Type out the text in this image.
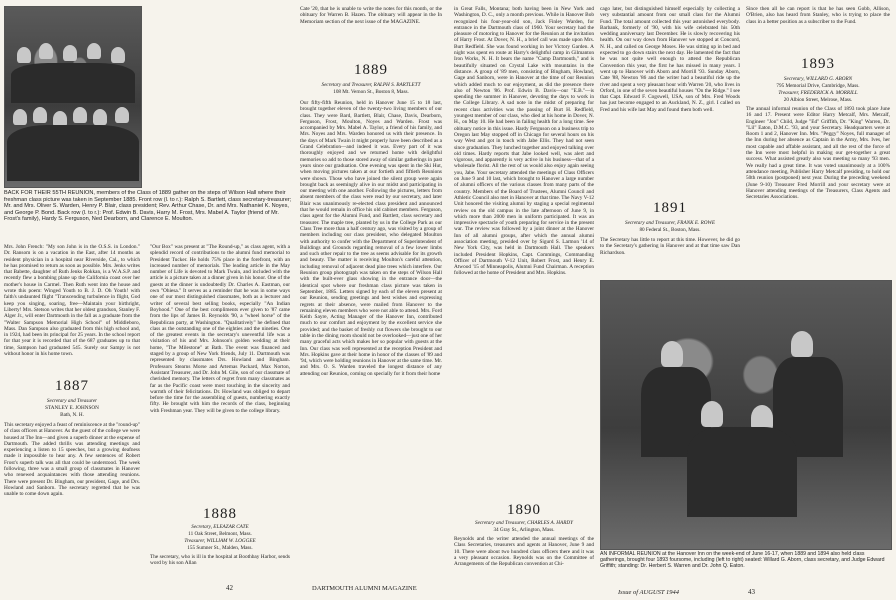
BACK FOR THEIR 55TH REUNION, members of the Class of 1889 gather on the steps of Wilson Hall where their freshman class picture was taken in September 1885. Front row (l. to r.): Ralph S. Bartlett, class secretary-treasurer; Mr. and Mrs. Oliver S. Warden, Henry P. Blair, class president; Rev. Arthur Chase, Dr. and Mrs. Nathaniel K. Noyes, and George P. Bond. Back row (l. to r.): Prof. Edwin B. Davis, Harry M. Frost, Mrs. Mabel A. Taylor (friend of Mr. Frost's family), Hardy S. Ferguson, Ned Dearborn, and Clarence E. Moulton.
Mrs. John French: "My son John is in the O.S.S. in London." Dr. Ransom is on a vacation in the East, after 14 months as resident physician in a hospital near Riverside, Cal., to which he has promised to return as soon as possible. Mrs. Jenks writes that Babette, daughter of Ruth Jenks Rokkan, is a W.A.S.P. and recently flew a bombing plane up the California coast over her mother's house in Carmel. Then Ruth went into the house and wrote this poem: Winged Youth to B. J. D. Oh Youth! with faith's undaunted flight "Transcending turbulence in flight, God keep you singing, soaring, free—Maintain your birthright, Liberty! Mrs. Stetson writes that her oldest grandson, Stanley F. Alger Jr., will enter Dartmouth in the fall as a graduate from the "Walter Sampson Memorial High School" of Middleboro, Mass. Dan Sampson also graduated from this high school and, in 1924, had been its principal for 25 years. In the school report for that year it is recorded that of the 687 graduates up to that time, Sampson had graduated 545. Surely our Sampy is not without honor in his home town.
1887
Secretary and Treasurer
STANLEY E. JOHNSON
Bath, N. H.
This secretary enjoyed a feast of reminiscence at the "round-up" of class officers at Hanover. As the guest of the college we were housed at The Inn—and given a superb dinner at the expense of Dartmouth. The added thrills was attending meetings and experiencing a listen to 15 speeches, but a growing deafness made it impossible to hear any. A few sentences of Robert Frost's superb talk was all that could be understood. The week following, three was a small group of classmates in Hanover who renewed acquaintances with those attending reunions. There were present Dr. Bingham, our president, Gage, and Drs. Howland and Sanborn. The secretary regretted that he was unable to come down again.
"Our Box" was present at "The Round-up," as class agent, with a splendid record of contributions to the alumni fund memorial to President Tucker. He holds 75% place in the forefront, with an increased number of memorials. The leading article in the May number of Life is devoted to Mark Twain, and included with the article is a picture taken at a dinner given in his honor. One of the guests at the dinner is undoubtedly Dr. Charles A. Eastman, our own "Ohiesa." It serves as a reminder that he was in some ways one of our most distinguished classmates, both as a lecturer and writer of several best selling books, especially "An Indian Boyhood." One of the best compliments ever given to '87 came from the lips of James B. Reynolds '90, a "wheel horse" of the Republican party, at Washington. "Qualitatively" he defined that class as the outstanding one of the eighties and the nineties. One of the greatest events in the secretary's uneventful life was a visitation of his and Mrs. Johnson's golden wedding at their home, "The Milestone" at Bath. The event was financed and staged by a group of New York friends, July 11. Dartmouth was represented by classmates Drs. Howland and Bingham. Professors Stearns Morse and Artemas Packard, Max Norton, Assistant Treasurer, and Dr. John M. Gile, son of our classmate of cherished memory. The letters of regret from many classmates as far as the Pacific coast were most touching in the sincerity and warmth of their felicitations. Dr. Howland was obliged to depart before the time for the assembling of guests, numbering exactly fifty. He brought with him the records of the class, beginning with Freshman year. They will be given to the college library.
1888
Secretary, ELEAZAR CATE
11 Oak Street, Belmont, Mass.
Treasurer, WILLIAM W. LOGGEE
155 Sumner St., Malden, Mass.
The secretary, who is ill in the hospital at Boothbay Harbor, sends word by his son Allan
Cate '20, that he is unable to write the notes for this month, or the obituary for Warren B. Hazen. The obituary will appear in the In Memoriam section of the next issue of the MAGAZINE.
1889
Secretary and Treasurer, RALPH S. BARTLETT
108 Mt. Vernon St., Boston 8, Mass.
Our fifty-fifth Reunion, held in Hanover June 15 to 18 last, brought together eleven of the twenty-two living members of our class. They were Bard, Bartlett, Blair, Chase, Davis, Dearborn, Ferguson, Frost, Moulton, Noyes and Warden. Frost was accompanied by Mrs. Mabel A. Taylor, a friend of his family, and Mrs. Noyes and Mrs. Warden honored us with their presence. In the days of Mark Twain it might properly have been described as a Grand Celebration—and indeed it was. Every part of it was thoroughly enjoyed and we returned home with delightful memories so add to those stored away of similar gatherings in past years since our graduation. One evening was spent in the Ski Hut, when moving pictures taken at our fortieth and fiftieth Reunions were shown. Those who have joined the silent group were again brought back as seemingly alive in our midst and participating in our meeting with one another. Following the pictures, letters from absent members of the class were read by our secretary, and later Blair was unanimously re-elected class president and announced that he would remain in office his old cabinet members. Ferguson, class agent for the Alumni Fund, and Bartlett, class secretary and treasurer. The maple tree, planted by us in the College Park as our Class Tree more than a half century ago, was visited by a group of members including our class president, who delegated Moulton with authority to confer with the Department of Superintendent of Buildings and Grounds regarding removal of a few lower limbs and such other repair to the tree as seems advisable for its growth and beauty. The matter is receiving Moulton's careful attention, including removal of adjacent dead pine trees which interfere. Our Reunion group photograph was taken on the steps of Wilson Hall with the built-ever glass showing in the entrance door—the identical spot where our freshman class picture was taken in September, 1885. Letters signed by each of the eleven present at our Reunion, sending greetings and best wishes and expressing regrets at their absence, were mailed from Hanover to the remaining eleven members who were not able to attend. Mrs. Ford Keith Sayre, Acting Manager of the Hanover Inn, contributed much to our comfort and enjoyment by the excellent service she provided; and the basket of freshly cut flowers she brought to our table in the dining room should not be overlooked—just one of her many graceful acts which makes her so popular with guests at the Inn. Our class was well represented at the reception President and Mrs. Hopkins gave at their home in honor of the classes of '89 and '94, which were holding reunions in Hanover at the same time. Mr. and Mrs. O. S. Warden traveled the longest distance of any attending our Reunion, coming on specially for it from their home
42	DARTMOUTH ALUMNI MAGAZINE
in Great Falls, Montana; both having been in New York and Washington, D. C., only a month previous. While in Hanover Bob recognized his four-year-old son, Jack Finley Warden, for entrance in the Dartmouth class of 1960. Your secretary had the pleasure of motoring to Hanover for the Reunion at the invitation of Harry Frost. At Dover, N. H., a brief call was made upon Mrs. Burt Redfield. She was found working in her Victory Garden. A night was spent en route at Harry's delightful camp in Gilmanton Iron Works, N. H. It bears the name "Camp Dartmouth," and is beautifully situated on Crystal Lake with mountains in the distance. A group of '89 men, consisting of Bingham, Howland, Gage and Sanborn, were in Hanover at the time of our Reunion which added much to our enjoyment, as did the presence there also of Newton '86. Prof. Edwin B. Davis—our "E.B."—is spending the summer in Hanover, devoting the days to work in the College Library. A sad note in the midst of preparing for recent class activities was the passing of Burt H. Redfield, youngest member of our class, who died at his home in Dover, N. H., on May 10. He had been in failing health for a long time. See obituary notice in this issue. Hardy Ferguson on a business trip to Oregon last May stopped off in Chicago for several hours on his way West and got in touch with Jabe Ellis. They had not seen since graduation. They lunched together and enjoyed talking over old times. Hardy reports that Jabe looked well, was alert and vigorous, and apparently is very active in his business—that of a wholesale florist. All the rest of us would also enjoy again seeing you, Jabe. Your secretary attended the meetings of Class Officers on June 9 and 10 last, which brought to Hanover a large number of alumni officers of the various classes from many parts of the country. Members of the Board of Trustees, Alumni Council and Athletic Council also met in Hanover at that time. The Navy V-12 Unit honored the visiting alumni by staging a special regimental review on the old campus in the late afternoon of June 9, in which more than 2000 men in uniform participated. It was an impressive spectacle of youth preparing for service in the present war. The review was followed by a joint dinner at the Hanover Inn of all alumni groups, after which the annual alumni association meeting, presided over by Sigurd S. Larmon '14 of New York City, was held in Dartmouth Hall. The speakers included President Hopkins, Capt. Commings, Commanding Officer of Dartmouth V-12 Unit, Robert Frost, and Henry E. Atwood '15 of Minneapolis, Alumni Fund Chairman. A reception followed at the home of President and Mrs. Hopkins.
1890
Secretary and Treasurer, CHARLES A. HARDY
34 Gray St., Arlington, Mass.
Reynolds and the writer attended the annual meetings of the Class Secretaries, treasurers and agents at Hanover, June 9 and 10. There were about two hundred class officers there and it was a very pleasant occasion. Reynolds was on the Committee of Arrangements of the Republican convention at Chi-
cago later, but distinguished himself especially by collecting a very substantial amount from our small class for the Alumni Fund. The total amount collected this year astonished everybody. Barbank, formerly of '90, with his wife celebrated his 50th wedding anniversary last December. He is slowly recovering his health. On our way down from Hanover we stopped at Concord, N. H., and called on George Moses. He was sitting up in bed and expected to go down stairs the next day. He lamented the fact that he was not quite well enough to attend the Republican Convention this year, the first he has missed in many years. I went up to Hanover with Aborn and Morrill '93. Sunday Aborn, Cate '88, Newton '86 and the writer had a beautiful ride up the river and spent a very pleasant hour with Warren '20, who lives in Orford, in one of the seven beautiful houses "On the Ridge." I see that Capt. Edward F. Cogswell, USA, son of Mrs. Fred Woods has just become engaged to an Auckland, N. Z., girl. I called on Fred and his wife last May and found them both well.
1891
Secretary and Treasurer, FRANK E. ROWE
80 Federal St., Boston, Mass.
The Secretary has little to report at this time. However, he did go to the Secretary's gathering in Hanover and at that time saw Dan Richardson.
Since then all he can report is that he has seen Gobb, Allison, O'Brien, also has heard from Stanley, who is trying to place the class in a better position as a subscriber to the Fund.
1893
Secretary, WILLARD G. ABORN
795 Memorial Drive, Cambridge, Mass.
Treasurer, FREDERICK A. MORRILL
20 Albion Street, Melrose, Mass.
The annual informal reunion of the Class of 1893 took place June 16 and 17. Present were Editor Harry Metcalf, Mrs. Metcalf, Engineer "Jon" Child, Judge "Ed" Griffith, Dr. "King" Warren, Dr. "Lil" Eaton, D.M.C. '93, and your Secretary. Headquarters were at Room 1 and 2, Hanover Inn. Mrs. "Peggy" Noyes, full manager of the Inn during her absence as Captain in the Army, Mrs. Ives, her most capable and affable assistant, and all the rest of the force of the Inn were most helpful in making our get-together a great success. What assisted greatly also was meeting so many '93 men. We really had a great time. It was voted unanimously at a 100% attendance meeting, Publisher Harry Metcalf presiding, to hold our 50th reunion (postponed) next year. During the preceding weekend (June 9-10) Treasurer Fred Morrill and your secretary were at Hanover attending meetings of the Treasurers, Class Agents and Secretaries Associations.
AN INFORMAL REUNION at the Hanover Inn on the week-end of June 16-17, when 1889 and 1894 also held class gatherings, brought four 1893 foursome, including (left to right) seated: Willard G. Aborn, class secretary, and Judge Edward Griffith; standing: Dr. Herbert S. Warren and Dr. John Q. Eaton.
Issue of AUGUST 1944	43
